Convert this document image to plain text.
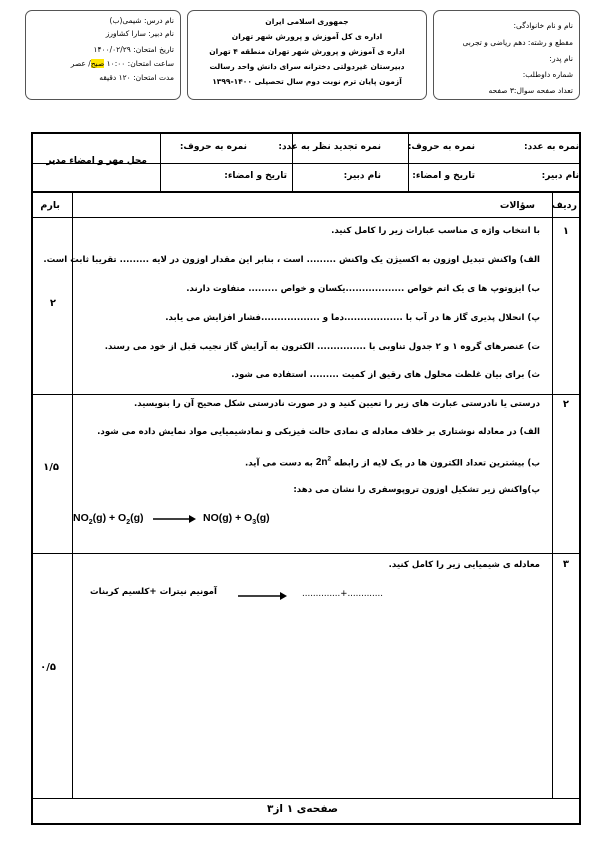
نام درس: شیمی(ب)
نام دبیر: سارا کشاورز
تاریخ امتحان: ۱۴۰۰/۰۲/۲۹
ساعت امتحان: ۱۰:۰۰ صبح/ عصر
مدت امتحان: ۱۲۰ دقیقه
جمهوری اسلامی ایران
اداره ی کل آموزش و پرورش شهر تهران
اداره ی آموزش و پرورش شهر تهران منطقه ۴ تهران
دبیرستان غیردولتی دخترانه سرای دانش واحد رسالت
آزمون پایان ترم نوبت دوم سال تحصیلی ۱۴۰۰-۱۳۹۹
نام و نام خانوادگی:
مقطع و رشته: دهم ریاضی و تجربی
نام پدر:
شماره داوطلب:
تعداد صفحه سوال:۳ صفحه
نمره به عدد:
نمره به حروف:
نمره تجدید نظر به عدد:
نمره به حروف:
محل مهر و امضاء مدیر
نام دبیر:
تاریخ و امضاء:
نام دبیر:
تاریخ و امضاء:
ردیف
سؤالات
بارم
۱
۲
با انتخاب واژه ی مناسب عبارات زیر را کامل کنید.
الف) واکنش تبدیل اوزون به اکسیژن یک واکنش ......... است ، بنابر این مقدار اوزون در لایه ......... تقریبا ثابت است.
ب) ایزوتوپ ها ی یک اتم خواص ..................یکسان و خواص ......... متفاوت دارند.
پ) انحلال پذیری گاز ها در آب با ..................دما و ..................فشار افزایش می یابد.
ت) عنصرهای گروه ۱ و ۲ جدول تناوبی با ............... الکترون به آرایش گاز نجیب قبل از خود می رسند.
ث) برای بیان غلظت محلول های رقیق از کمیت ......... استفاده می شود.
۲
۱/۵
درستی یا نادرستی عبارت های زیر را تعیین کنید و در صورت نادرستی شکل صحیح آن را بنویسید.
الف) در معادله نوشتاری بر خلاف معادله ی نمادی حالت فیزیکی و نمادشیمیایی مواد نمایش داده می شود.
ب) بیشترین تعداد الکترون ها در یک لایه از رابطه $2n^2$ به دست می آید.
پ)واکنش زیر تشکیل اوزون تروپوسفری را نشان می دهد:
$NO_2(g) + O_2(g)$	$NO(g) + O_3(g)$
۳
۰/۵
معادله ی شیمیایی زیر را کامل کنید.
آمونیم نیترات +کلسیم کربنات	..............+.............
صفحه‌ی ۱ از۳
